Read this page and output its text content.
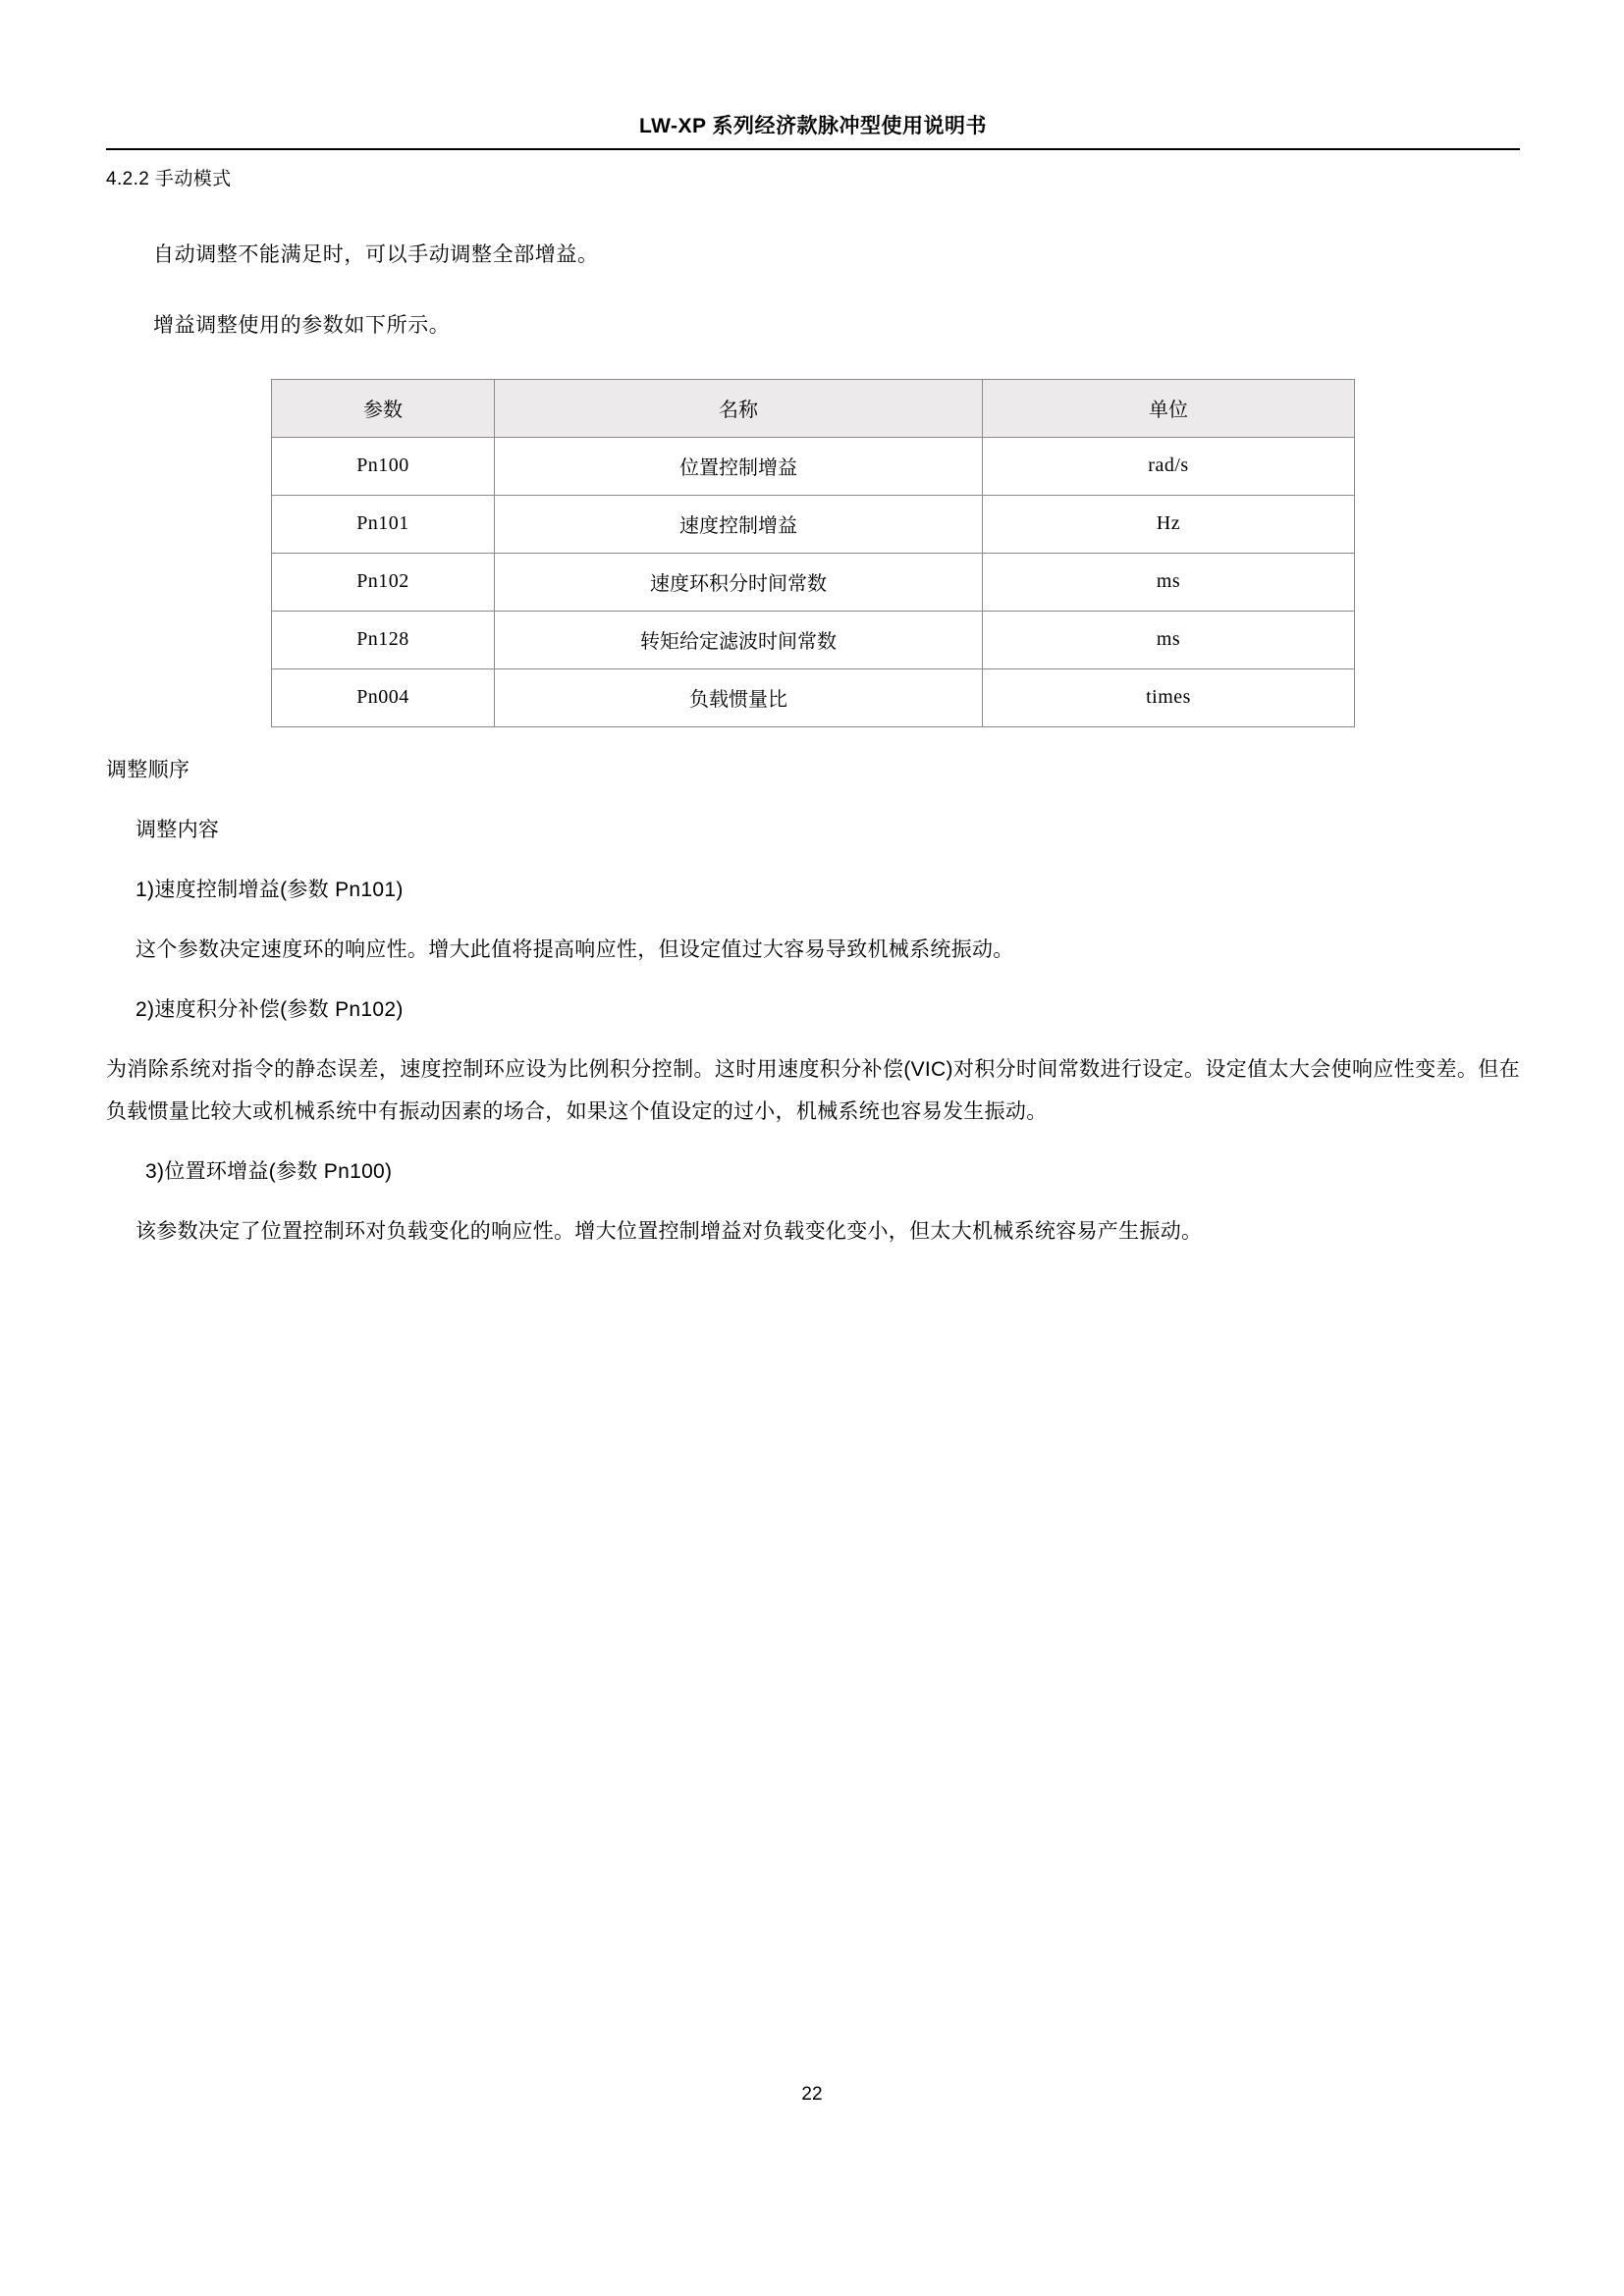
LW-XP 系列经济款脉冲型使用说明书
4.2.2 手动模式
自动调整不能满足时，可以手动调整全部增益。
增益调整使用的参数如下所示。
参数	名称	单位
Pn100	位置控制增益	rad/s
Pn101	速度控制增益	Hz
Pn102	速度环积分时间常数	ms
Pn128	转矩给定滤波时间常数	ms
Pn004	负载惯量比	times
调整顺序
调整内容
1)速度控制增益(参数 Pn101)
这个参数决定速度环的响应性。增大此值将提高响应性，但设定值过大容易导致机械系统振动。
2)速度积分补偿(参数 Pn102)
为消除系统对指令的静态误差，速度控制环应设为比例积分控制。这时用速度积分补偿(VIC)对积分时间常数进行设定。设定值太大会使响应性变差。但在负载惯量比较大或机械系统中有振动因素的场合，如果这个值设定的过小，机械系统也容易发生振动。
3)位置环增益(参数 Pn100)
该参数决定了位置控制环对负载变化的响应性。增大位置控制增益对负载变化变小，但太大机械系统容易产生振动。
22
